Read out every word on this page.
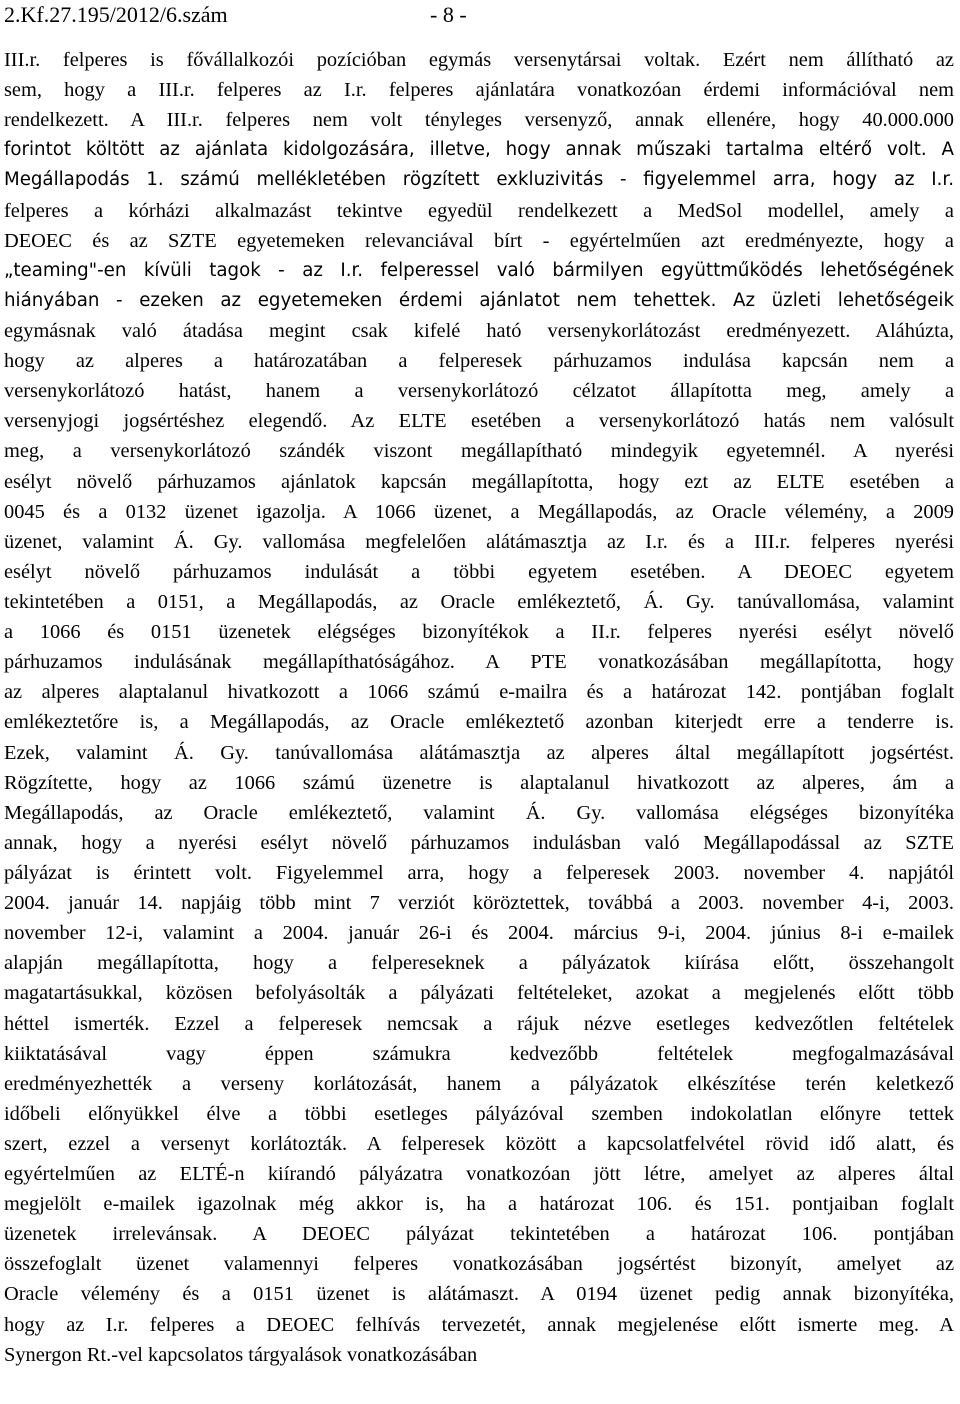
2.Kf.27.195/2012/6.szám	- 8 -
III.r. felperes is fővállalkozói pozícióban egymás versenytársai voltak. Ezért nem állítható az
sem, hogy a III.r. felperes az I.r. felperes ajánlatára vonatkozóan érdemi információval nem
rendelkezett. A III.r. felperes nem volt tényleges versenyző, annak ellenére, hogy 40.000.000
forintot költött az ajánlata kidolgozására, illetve, hogy annak műszaki tartalma eltérő volt. A
Megállapodás 1. számú mellékletében rögzített exkluzivitás - figyelemmel arra, hogy az I.r.
felperes a kórházi alkalmazást tekintve egyedül rendelkezett a MedSol modellel, amely a
DEOEC és az SZTE egyetemeken relevanciával bírt - egyértelműen azt eredményezte, hogy a
„teaming"-en kívüli tagok - az I.r. felperessel való bármilyen együttműködés lehetőségének
hiányában - ezeken az egyetemeken érdemi ajánlatot nem tehettek. Az üzleti lehetőségeik
egymásnak való átadása megint csak kifelé ható versenykorlátozást eredményezett. Aláhúzta,
hogy az alperes a határozatában a felperesek párhuzamos indulása kapcsán nem a
versenykorlátozó hatást, hanem a versenykorlátozó célzatot állapította meg, amely a
versenyjogi jogsértéshez elegendő. Az ELTE esetében a versenykorlátozó hatás nem valósult
meg, a versenykorlátozó szándék viszont megállapítható mindegyik egyetemnél. A nyerési
esélyt növelő párhuzamos ajánlatok kapcsán megállapította, hogy ezt az ELTE esetében a
0045 és a 0132 üzenet igazolja. A 1066 üzenet, a Megállapodás, az Oracle vélemény, a 2009
üzenet, valamint Á. Gy. vallomása megfelelően alátámasztja az I.r. és a III.r. felperes nyerési
esélyt növelő párhuzamos indulását a többi egyetem esetében. A DEOEC egyetem
tekintetében a 0151, a Megállapodás, az Oracle emlékeztető, Á. Gy. tanúvallomása, valamint
a 1066 és 0151 üzenetek elégséges bizonyítékok a II.r. felperes nyerési esélyt növelő
párhuzamos indulásának megállapíthatóságához. A PTE vonatkozásában megállapította, hogy
az alperes alaptalanul hivatkozott a 1066 számú e-mailra és a határozat 142. pontjában foglalt
emlékeztetőre is, a Megállapodás, az Oracle emlékeztető azonban kiterjedt erre a tenderre is.
Ezek, valamint Á. Gy. tanúvallomása alátámasztja az alperes által megállapított jogsértést.
Rögzítette, hogy az 1066 számú üzenetre is alaptalanul hivatkozott az alperes, ám a
Megállapodás, az Oracle emlékeztető, valamint Á. Gy. vallomása elégséges bizonyítéka
annak, hogy a nyerési esélyt növelő párhuzamos indulásban való Megállapodással az SZTE
pályázat is érintett volt. Figyelemmel arra, hogy a felperesek 2003. november 4. napjától
2004. január 14. napjáig több mint 7 verziót köröztettek, továbbá a 2003. november 4-i, 2003.
november 12-i, valamint a 2004. január 26-i és 2004. március 9-i, 2004. június 8-i e-mailek
alapján megállapította, hogy a felpereseknek a pályázatok kiírása előtt, összehangolt
magatartásukkal, közösen befolyásolták a pályázati feltételeket, azokat a megjelenés előtt több
héttel ismerték. Ezzel a felperesek nemcsak a rájuk nézve esetleges kedvezőtlen feltételek
kiiktatásával vagy éppen számukra kedvezőbb feltételek megfogalmazásával
eredményezhették a verseny korlátozását, hanem a pályázatok elkészítése terén keletkező
időbeli előnyükkel élve a többi esetleges pályázóval szemben indokolatlan előnyre tettek
szert, ezzel a versenyt korlátozták. A felperesek között a kapcsolatfelvétel rövid idő alatt, és
egyértelműen az ELTÉ-n kiírandó pályázatra vonatkozóan jött létre, amelyet az alperes által
megjelölt e-mailek igazolnak még akkor is, ha a határozat 106. és 151. pontjaiban foglalt
üzenetek irrelevánsak. A DEOEC pályázat tekintetében a határozat 106. pontjában
összefoglalt üzenet valamennyi felperes vonatkozásában jogsértést bizonyít, amelyet az
Oracle vélemény és a 0151 üzenet is alátámaszt. A 0194 üzenet pedig annak bizonyítéka,
hogy az I.r. felperes a DEOEC felhívás tervezetét, annak megjelenése előtt ismerte meg. A
Synergon Rt.-vel kapcsolatos tárgyalások vonatkozásában
